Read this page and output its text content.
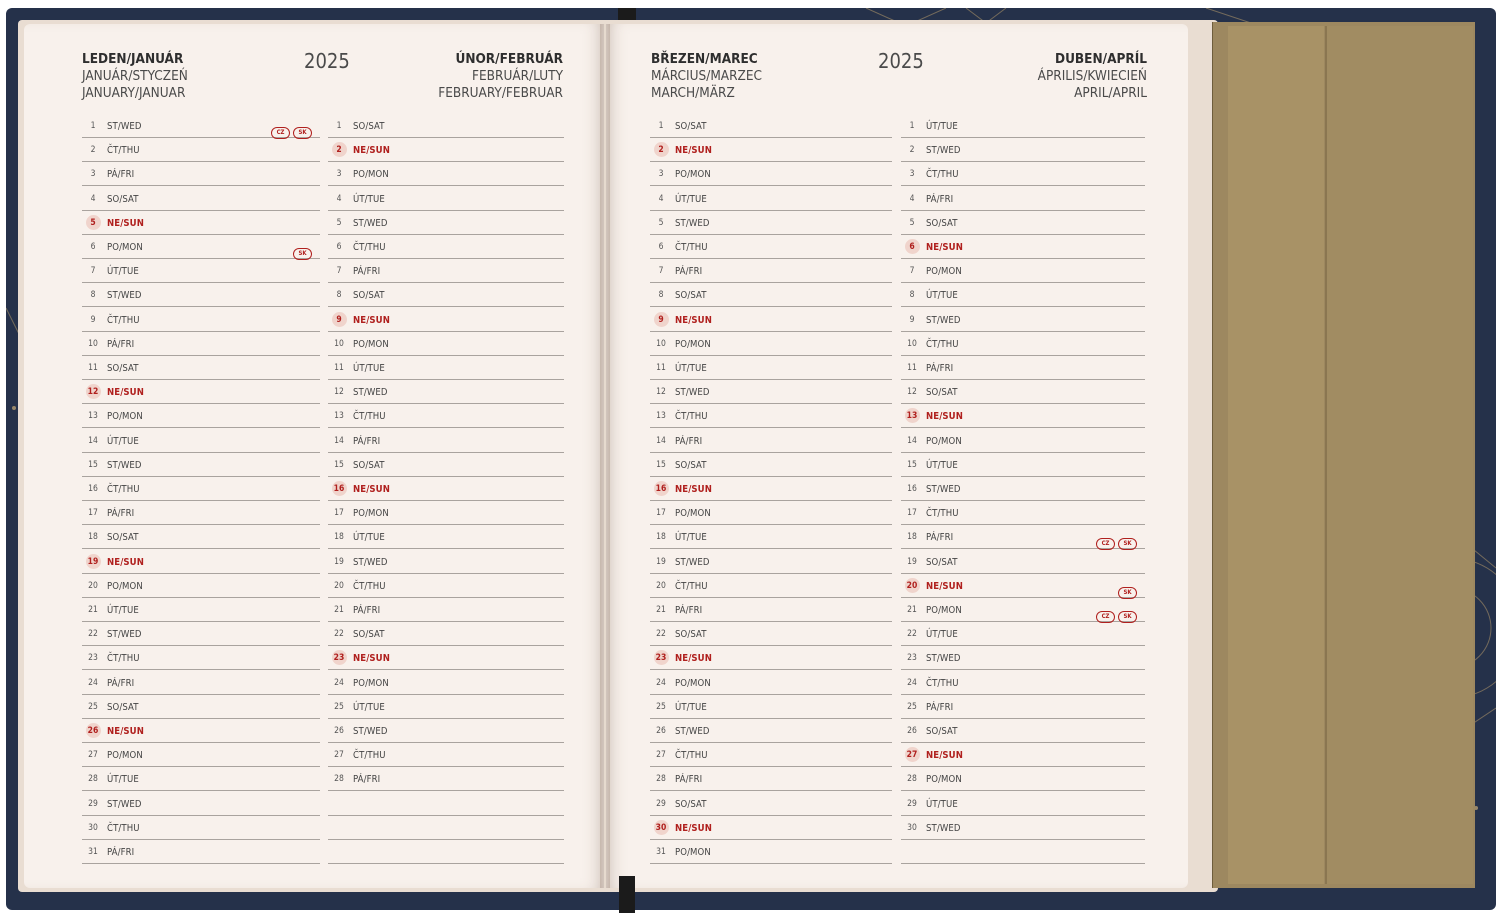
LEDEN/JANUÁR
JANUÁR/STYCZEŃ
JANUARY/JANUAR
2025	ÚNOR/FEBRUÁR
FEBRUÁR/LUTY
FEBRUARY/FEBRUAR
BŘEZEN/MAREC
MÁRCIUS/MARZEC
MARCH/MÄRZ
2025	DUBEN/APRÍL
ÁPRILIS/KWIECIEŃ
APRIL/APRIL
1	ST/WED
CZ SK
2	ČT/THU
3	PÁ/FRI
4	SO/SAT
5	NE/SUN
6	PO/MON
SK
7	ÚT/TUE
8	ST/WED
9	ČT/THU
10 PÁ/FRI
11 SO/SAT
12 NE/SUN
13 PO/MON
14 ÚT/TUE
15 ST/WED
16 ČT/THU
17 PÁ/FRI
18 SO/SAT
19 NE/SUN
20 PO/MON
21 ÚT/TUE
22 ST/WED
23 ČT/THU
24 PÁ/FRI
25 SO/SAT
26 NE/SUN
27 PO/MON
28 ÚT/TUE
29 ST/WED
30 ČT/THU
31 PÁ/FRI
1	SO/SAT
2	NE/SUN
3	PO/MON
4	ÚT/TUE
5	ST/WED
6	ČT/THU
7	PÁ/FRI
8	SO/SAT
9	NE/SUN
10 PO/MON
11 ÚT/TUE
12 ST/WED
13 ČT/THU
14 PÁ/FRI
15 SO/SAT
16 NE/SUN
17 PO/MON
18 ÚT/TUE
19 ST/WED
20 ČT/THU
21 PÁ/FRI
22 SO/SAT
23 NE/SUN
24 PO/MON
25 ÚT/TUE
26 ST/WED
27 ČT/THU
28 PÁ/FRI
1	SO/SAT
2	NE/SUN
3	PO/MON
4	ÚT/TUE
5	ST/WED
6	ČT/THU
7	PÁ/FRI
8	SO/SAT
9	NE/SUN
10 PO/MON
11 ÚT/TUE
12 ST/WED
13 ČT/THU
14 PÁ/FRI
15 SO/SAT
16 NE/SUN
17 PO/MON
18 ÚT/TUE
19 ST/WED
20 ČT/THU
21 PÁ/FRI
22 SO/SAT
23 NE/SUN
24 PO/MON
25 ÚT/TUE
26 ST/WED
27 ČT/THU
28 PÁ/FRI
29 SO/SAT
30 NE/SUN
31 PO/MON
1	ÚT/TUE
2	ST/WED
3	ČT/THU
4	PÁ/FRI
5	SO/SAT
6	NE/SUN
7	PO/MON
8	ÚT/TUE
9	ST/WED
10 ČT/THU
11 PÁ/FRI
12 SO/SAT
13 NE/SUN
14 PO/MON
15 ÚT/TUE
16 ST/WED
17 ČT/THU
18 PÁ/FRI
CZ SK
19 SO/SAT
20 NE/SUN
SK
21 PO/MON
CZ SK
22 ÚT/TUE
23 ST/WED
24 ČT/THU
25 PÁ/FRI
26 SO/SAT
27 NE/SUN
28 PO/MON
29 ÚT/TUE
30 ST/WED
